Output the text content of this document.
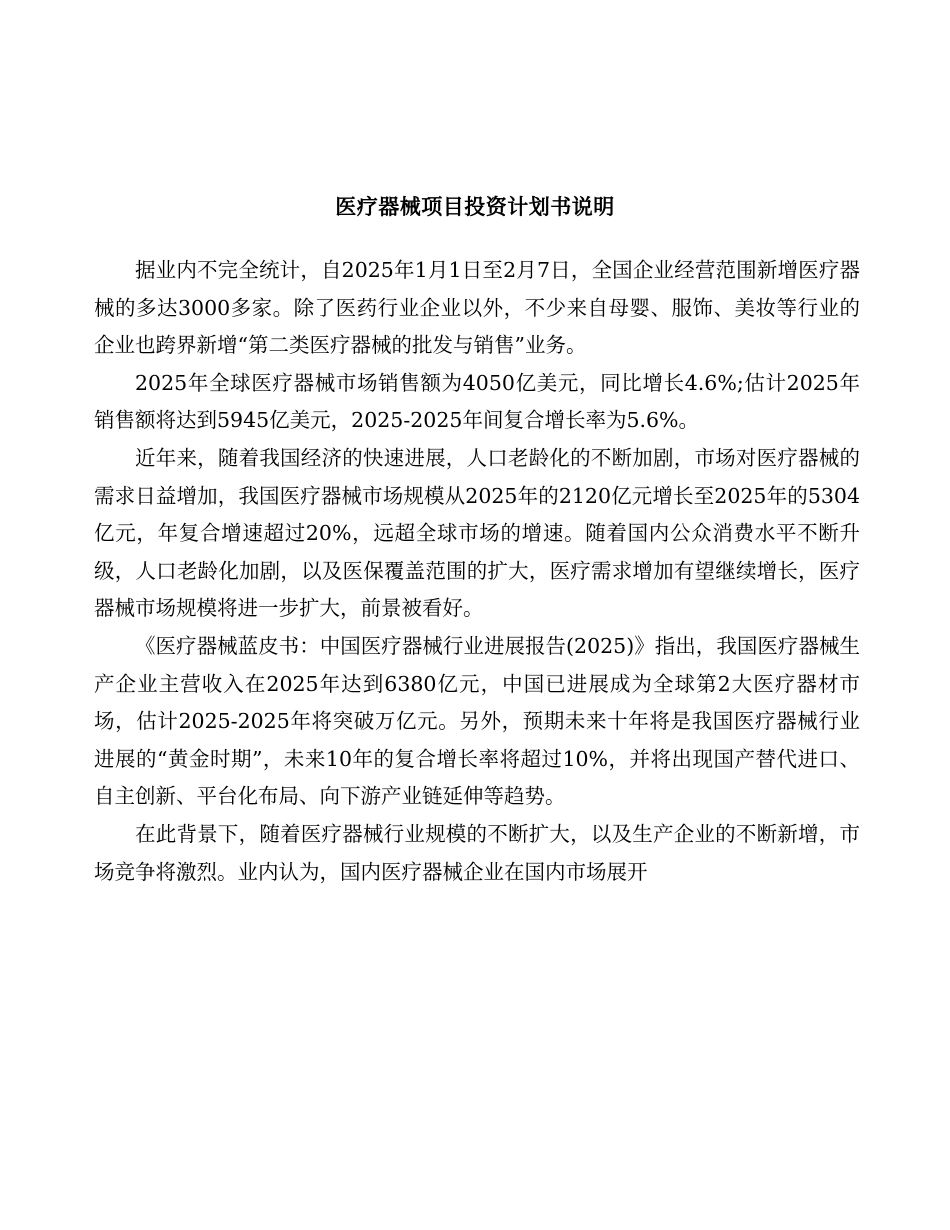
医疗器械项目投资计划书说明

据业内不完全统计，自2025年1月1日至2月7日，全国企业经营范围新增医疗器械的多达3000多家。除了医药行业企业以外，不少来自母婴、服饰、美妆等行业的企业也跨界新增“第二类医疗器械的批发与销售”业务。

2025年全球医疗器械市场销售额为4050亿美元，同比增长4.6%;估计2025年销售额将达到5945亿美元，2025-2025年间复合增长率为5.6%。

近年来，随着我国经济的快速进展，人口老龄化的不断加剧，市场对医疗器械的需求日益增加，我国医疗器械市场规模从2025年的2120亿元增长至2025年的5304亿元，年复合增速超过20%，远超全球市场的增速。随着国内公众消费水平不断升级，人口老龄化加剧，以及医保覆盖范围的扩大，医疗需求增加有望继续增长，医疗器械市场规模将进一步扩大，前景被看好。

《医疗器械蓝皮书：中国医疗器械行业进展报告(2025)》指出，我国医疗器械生产企业主营收入在2025年达到6380亿元，中国已进展成为全球第2大医疗器材市场，估计2025-2025年将突破万亿元。另外，预期未来十年将是我国医疗器械行业进展的“黄金时期”，未来10年的复合增长率将超过10%，并将出现国产替代进口、自主创新、平台化布局、向下游产业链延伸等趋势。

在此背景下，随着医疗器械行业规模的不断扩大，以及生产企业的不断新增，市场竞争将激烈。业内认为，国内医疗器械企业在国内市场展开
